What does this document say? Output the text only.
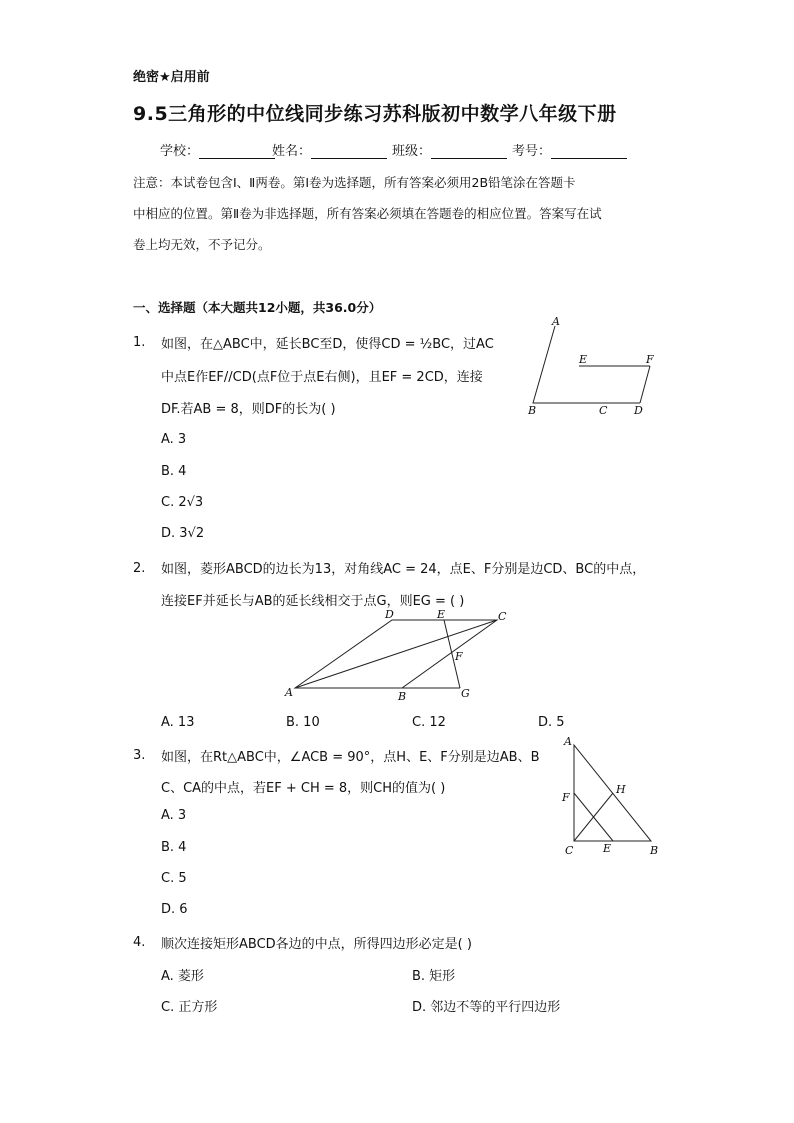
绝密★启用前
9.5三角形的中位线同步练习苏科版初中数学八年级下册
学校：	姓名：	班级：	考号：
注意：本试卷包含Ⅰ、Ⅱ两卷。第Ⅰ卷为选择题，所有答案必须用2B铅笔涂在答题卡
中相应的位置。第Ⅱ卷为非选择题，所有答案必须填在答题卷的相应位置。答案写在试
卷上均无效，不予记分。
一、选择题（本大题共12小题，共36.0分）
1. 如图，在△ABC中，延长BC至D，使得CD = ½BC，过AC
中点E作EF//CD(点F位于点E右侧)，且EF = 2CD，连接
DF.若AB = 8，则DF的长为( )
A. 3
B. 4
C. 2√3
D. 3√2
A
E	F
B	C D
2. 如图，菱形ABCD的边长为13，对角线AC = 24，点E、F分别是边CD、BC的中点，
连接EF并延长与AB的延长线相交于点G，则EG = ( )
D	E	C
F
A	B	G
A. 13	B. 10	C. 12	D. 5
3. 如图，在Rt△ABC中，∠ACB = 90°，点H、E、F分别是边AB、B
C、CA的中点，若EF + CH = 8，则CH的值为( )
A. 3
B. 4
C. 5
D. 6
A
F
H
C	E	B
4. 顺次连接矩形ABCD各边的中点，所得四边形必定是( )
A. 菱形	B. 矩形
C. 正方形	D. 邻边不等的平行四边形
